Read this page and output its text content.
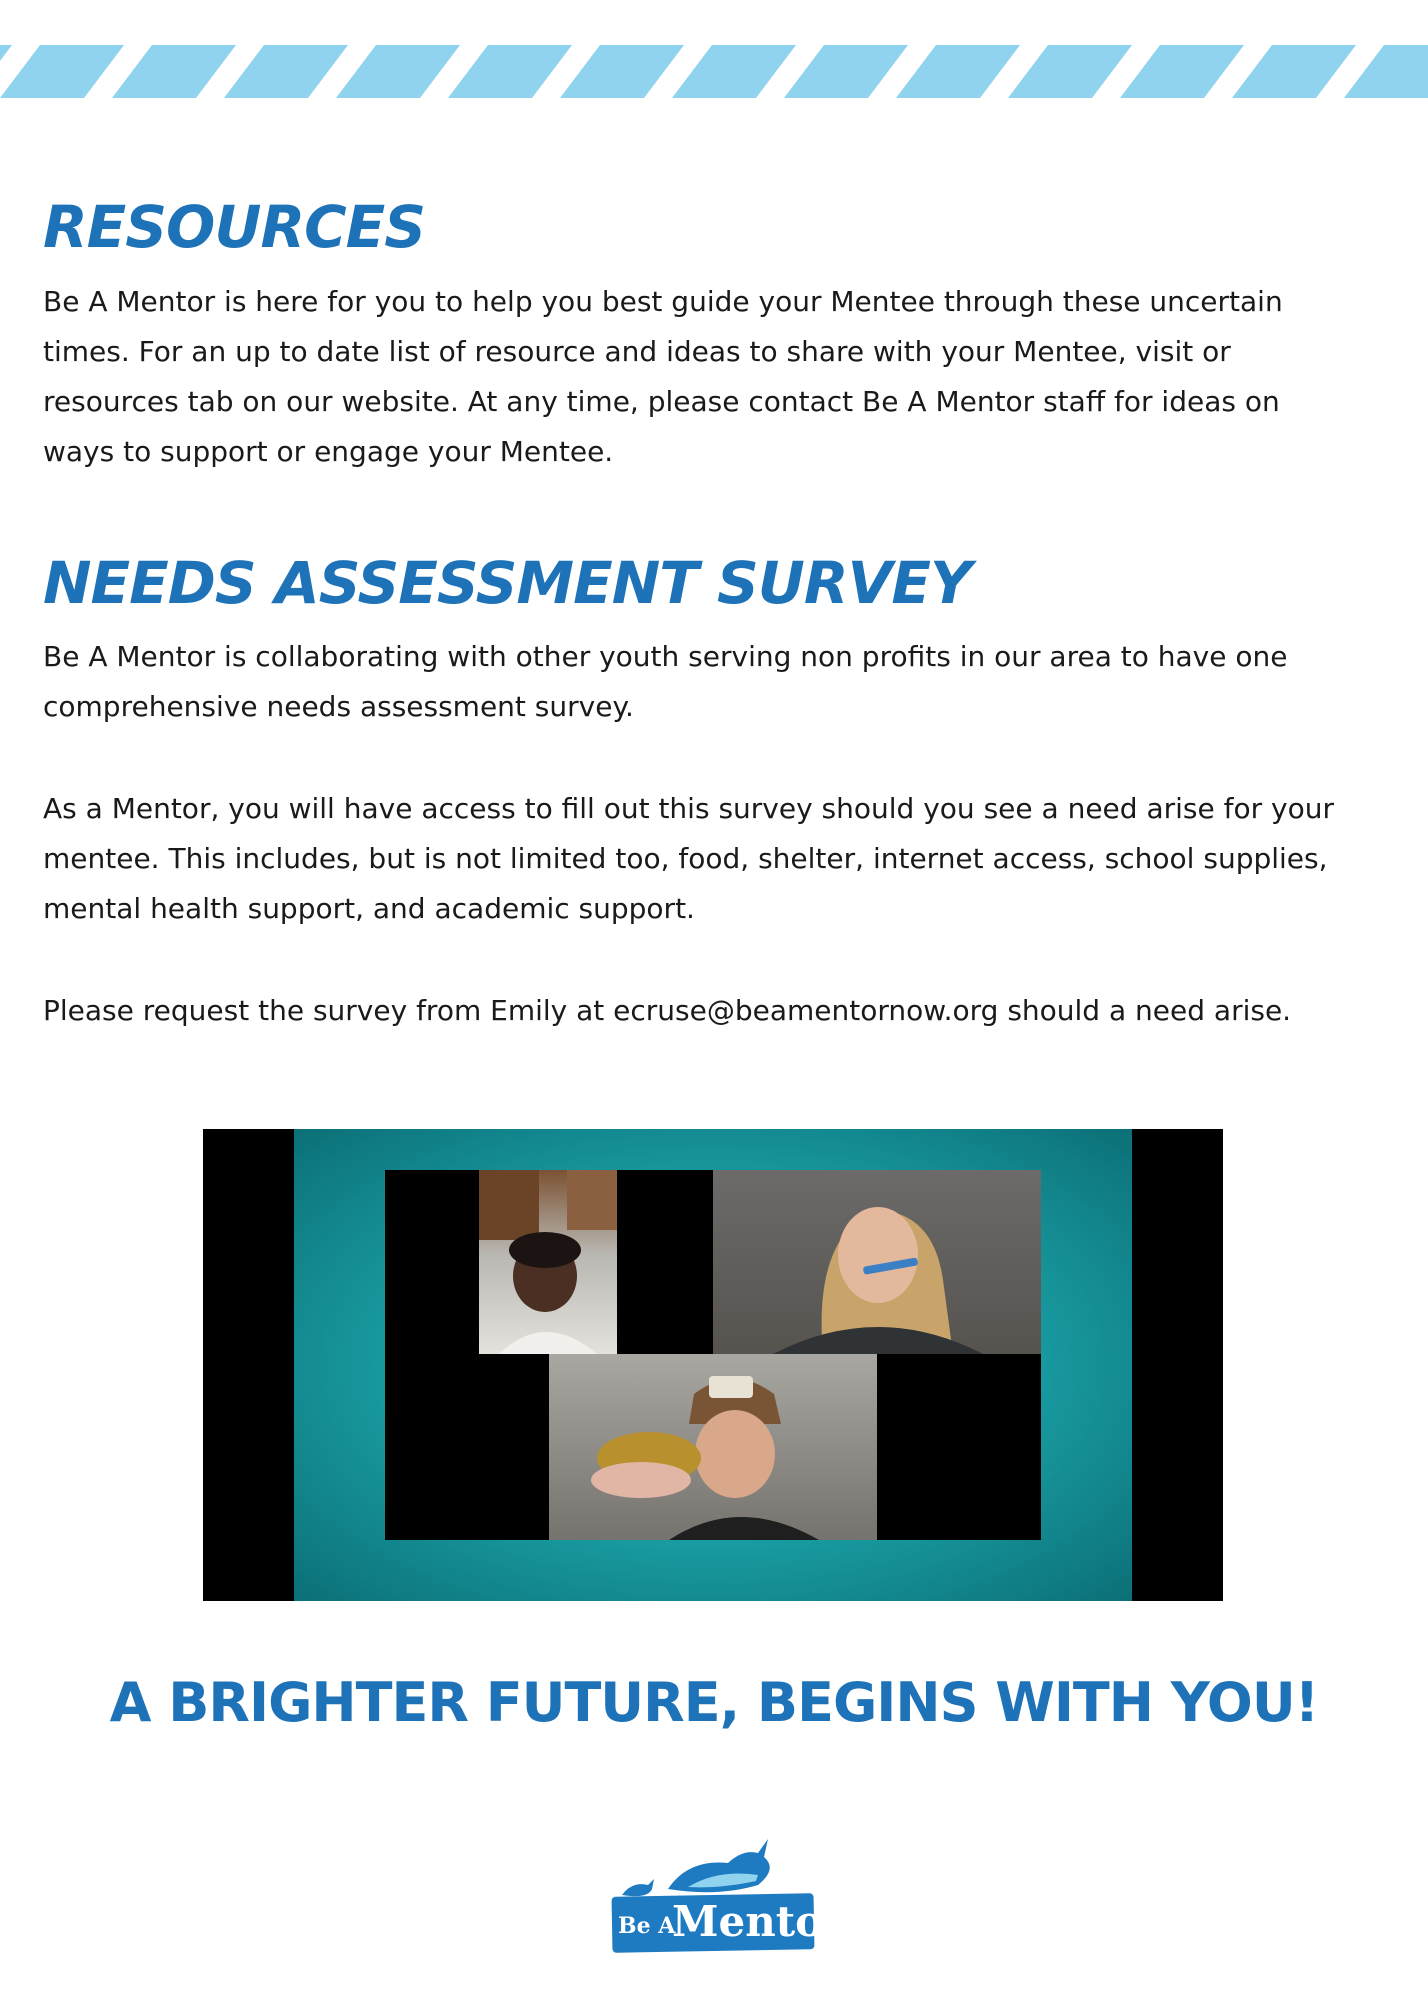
RESOURCES

Be A Mentor is here for you to help you best guide your Mentee through these uncertain times. For an up to date list of resource and ideas to share with your Mentee, visit or resources tab on our website. At any time, please contact Be A Mentor staff for ideas on ways to support or engage your Mentee.

NEEDS ASSESSMENT SURVEY

Be A Mentor is collaborating with other youth serving non profits in our area to have one comprehensive needs assessment survey.

As a Mentor, you will have access to fill out this survey should you see a need arise for your mentee. This includes, but is not limited too, food, shelter, internet access, school supplies, mental health support, and academic support.

Please request the survey from Emily at ecruse@beamentornow.org should a need arise.

A BRIGHTER FUTURE, BEGINS WITH YOU!

Be A
Mentor
